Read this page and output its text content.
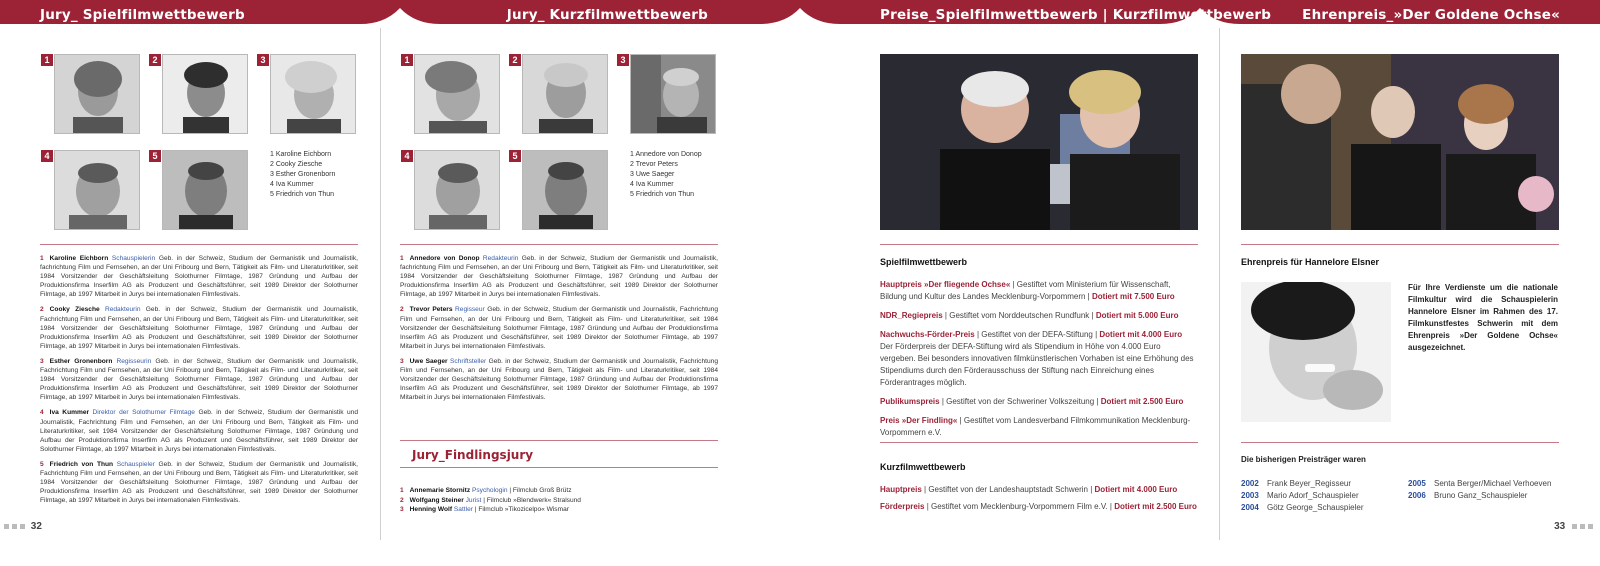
Jury_ Spielfilmwettbewerb	Jury_ Kurzfilmwettbewerb	Preise_Spielfilmwettbewerb | Kurzfilmwettbewerb Ehrenpreis_»Der Goldene Ochse«
1	2	3
4	5	1 Karoline Eichborn
2 Cooky Ziesche
3 Esther Gronenborn
4 Iva Kummer
5 Friedrich von Thun

1 Karoline Eichborn Schauspielerin Geb. in der Schweiz, Studium der Germanistik und Journalistik, fachrichtung Film und Fernsehen, an der Uni Fribourg und Bern, Tätigkeit als Film- und Literaturkritiker, seit 1984 Vorsitzender der Geschäftsleitung Solothurner Filmtage, 1987 Gründung und Aufbau der Produktionsfirma Inserfilm AG als Produzent und Geschäftsführer, seit 1989 Direktor der Solothurner Filmtage, ab 1997 Mitarbeit in Jurys bei internationalen Filmfestivals.

2 Cooky Ziesche Redakteurin Geb. in der Schweiz, Studium der Germanistik und Journalistik, Fachrichtung Film und Fernsehen, an der Uni Fribourg und Bern, Tätigkeit als Film- und Literaturkritiker, seit 1984 Vorsitzender der Geschäftsleitung Solothurner Filmtage, 1987 Gründung und Aufbau der Produktionsfirma Inserfilm AG als Produzent und Geschäftsführer, seit 1989 Direktor der Solothurner Filmtage, ab 1997 Mitarbeit in Jurys bei internationalen Filmfestivals.

3 Esther Gronenborn Regisseurin Geb. in der Schweiz, Studium der Germanistik und Journalistik, Fachrichtung Film und Fernsehen, an der Uni Fribourg und Bern, Tätigkeit als Film- und Literaturkritiker, seit 1984 Vorsitzender der Geschäftsleitung Solothurner Filmtage, 1987 Gründung und Aufbau der Produktionsfirma Inserfilm AG als Produzent und Geschäftsführer, seit 1989 Direktor der Solothurner Filmtage, ab 1997 Mitarbeit in Jurys bei internationalen Filmfestivals.

4 Iva Kummer Direktor der Solothurner Filmtage Geb. in der Schweiz, Studium der Germanistik und Journalistik, Fachrichtung Film und Fernsehen, an der Uni Fribourg und Bern, Tätigkeit als Film- und Literaturkritiker, seit 1984 Vorsitzender der Geschäftsleitung Solothurner Filmtage, 1987 Gründung und Aufbau der Produktionsfirma Inserfilm AG als Produzent und Geschäftsführer, seit 1989 Direktor der Solothurner Filmtage, ab 1997 Mitarbeit in Jurys bei internationalen Filmfestivals.

5 Friedrich von Thun Schauspieler Geb. in der Schweiz, Studium der Germanistik und Journalistik, Fachrichtung Film und Fernsehen, an der Uni Fribourg und Bern, Tätigkeit als Film- und Literaturkritiker, seit 1984 Vorsitzender der Geschäftsleitung Solothurner Filmtage, 1987 Gründung und Aufbau der Produktionsfirma Inserfilm AG als Produzent und Geschäftsführer, seit 1989 Direktor der Solothurner Filmtage, ab 1997 Mitarbeit in Jurys bei internationalen Filmfestivals.

1	2	3
4	5	1 Annedore von Donop
2 Trevor Peters
3 Uwe Saeger
4 Iva Kummer
5 Friedrich von Thun

1 Annedore von Donop Redakteurin Geb. in der Schweiz, Studium der Germanistik und Journalistik, fachrichtung Film und Fernsehen, an der Uni Fribourg und Bern, Tätigkeit als Film- und Literaturkritiker, seit 1984 Vorsitzender der Geschäftsleitung Solothurner Filmtage, 1987 Gründung und Aufbau der Produktionsfirma Inserfilm AG als Produzent und Geschäftsführer, seit 1989 Direktor der Solothurner Filmtage, ab 1997 Mitarbeit in Jurys bei internationalen Filmfestivals.

2 Trevor Peters Regisseur Geb. in der Schweiz, Studium der Germanistik und Journalistik, Fachrichtung Film und Fernsehen, an der Uni Fribourg und Bern, Tätigkeit als Film- und Literaturkritiker, seit 1984 Vorsitzender der Geschäftsleitung Solothurner Filmtage, 1987 Gründung und Aufbau der Produktionsfirma Inserfilm AG als Produzent und Geschäftsführer, seit 1989 Direktor der Solothurner Filmtage, ab 1997 Mitarbeit in Jurys bei internationalen Filmfestivals.

3 Uwe Saeger Schriftsteller Geb. in der Schweiz, Studium der Germanistik und Journalistik, Fachrichtung Film und Fernsehen, an der Uni Fribourg und Bern, Tätigkeit als Film- und Literaturkritiker, seit 1984 Vorsitzender der Geschäftsleitung Solothurner Filmtage, 1987 Gründung und Aufbau der Produktionsfirma Inserfilm AG als Produzent und Geschäftsführer, seit 1989 Direktor der Solothurner Filmtage, ab 1997 Mitarbeit in Jurys bei internationalen Filmfestivals.

Jury_Findlingsjury
1 Annemarie Stornitz Psychologin | Filmclub Groß Brütz
2 Wolfgang Steiner Jurist | Filmclub »Blendwerk« Stralsund
3 Henning Wolf Sattler | Filmclub »Tikozicelpo« Wismar
Spielfilmwettbewerb

Hauptpreis »Der fliegende Ochse« | Gestiftet vom Ministerium für Wissenschaft, Bildung und Kultur des Landes Mecklenburg-Vorpommern | Dotiert mit 7.500 Euro

NDR_Regiepreis | Gestiftet vom Norddeutschen Rundfunk | Dotiert mit 5.000 Euro

Nachwuchs-Förder-Preis | Gestiftet von der DEFA-Stiftung | Dotiert mit 4.000 Euro
Der Förderpreis der DEFA-Stiftung wird als Stipendium in Höhe von 4.000 Euro vergeben. Bei besonders innovativen filmkünstlerischen Vorhaben ist eine Erhöhung des Stipendiums durch den Förderausschuss der Stiftung nach Einreichung eines Förderantrages möglich.

Publikumspreis | Gestiftet von der Schweriner Volkszeitung | Dotiert mit 2.500 Euro

Preis »Der Findling« | Gestiftet vom Landesverband Filmkommunikation Mecklenburg-Vorpommern e.V.

Kurzfilmwettbewerb

Hauptpreis | Gestiftet von der Landeshauptstadt Schwerin | Dotiert mit 4.000 Euro

Förderpreis | Gestiftet vom Mecklenburg-Vorpommern Film e.V. | Dotiert mit 2.500 Euro

Ehrenpreis für Hannelore Elsner
Für Ihre Verdienste um die nationale Filmkultur wird die Schauspielerin Hannelore Elsner im Rahmen des 17. Filmkunstfestes Schwerin mit dem Ehrenpreis »Der Goldene Ochse« ausgezeichnet.
Die bisherigen Preisträger waren
2002 Frank Beyer_Regisseur
2003 Mario Adorf_Schauspieler
2004 Götz George_Schauspieler
2005 Senta Berger/Michael Verhoeven
2006 Bruno Ganz_Schauspieler
32	33
